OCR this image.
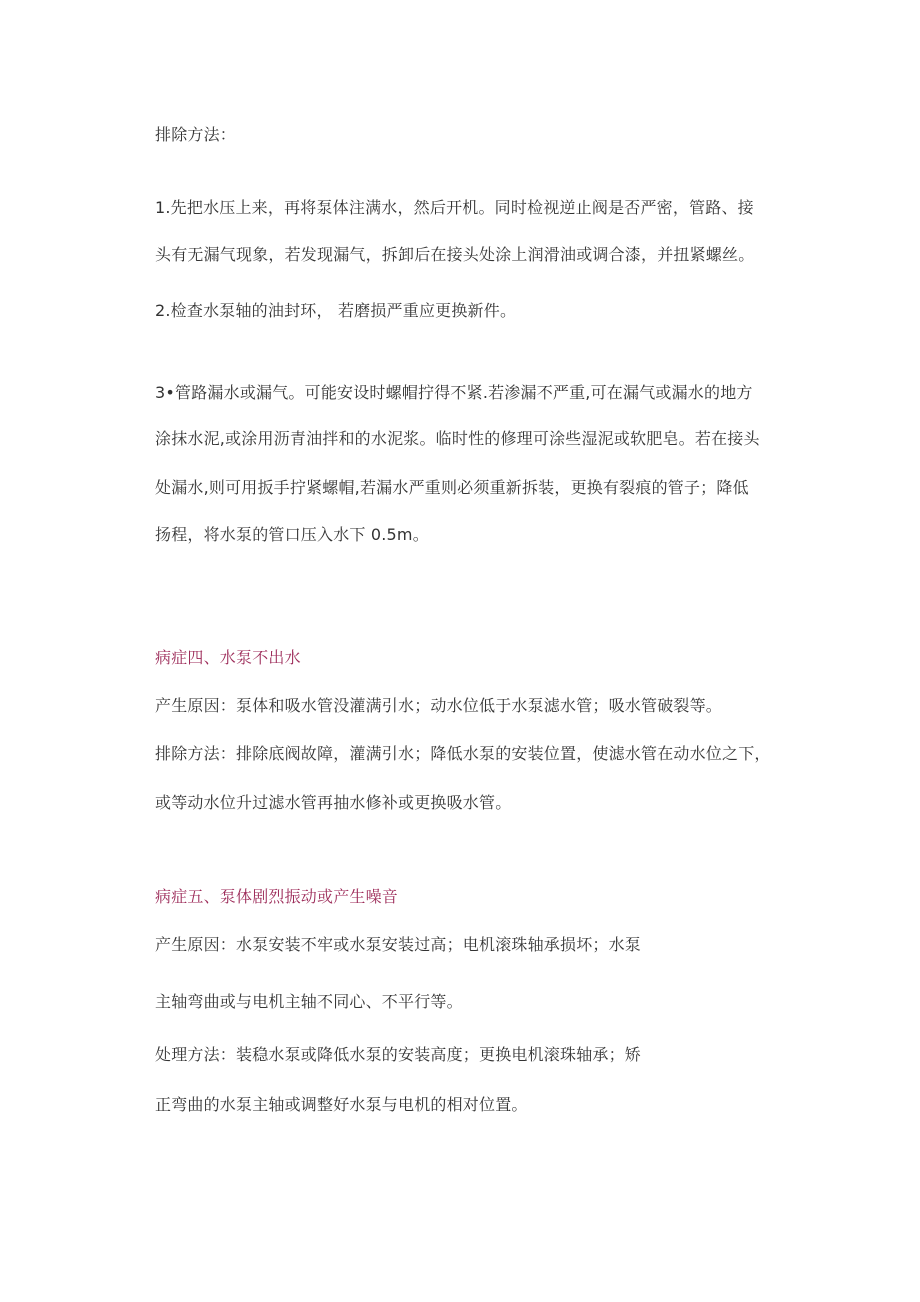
排除方法：
1.先把水压上来，再将泵体注满水，然后开机。同时检视逆止阀是否严密，管路、接
头有无漏气现象，若发现漏气，拆卸后在接头处涂上润滑油或调合漆，并扭紧螺丝。
2.检查水泵轴的油封环， 若磨损严重应更换新件。
3•管路漏水或漏气。可能安设时螺帽拧得不紧.若渗漏不严重,可在漏气或漏水的地方
涂抹水泥,或涂用沥青油拌和的水泥浆。临时性的修理可涂些湿泥或软肥皂。若在接头
处漏水,则可用扳手拧紧螺帽,若漏水严重则必须重新拆装，更换有裂痕的管子；降低
扬程，将水泵的管口压入水下 0.5m。
病症四、水泵不出水
产生原因：泵体和吸水管没灌满引水；动水位低于水泵滤水管；吸水管破裂等。
排除方法：排除底阀故障，灌满引水；降低水泵的安装位置，使滤水管在动水位之下，
或等动水位升过滤水管再抽水修补或更换吸水管。
病症五、泵体剧烈振动或产生噪音
产生原因：水泵安装不牢或水泵安装过高；电机滚珠轴承损坏；水泵
主轴弯曲或与电机主轴不同心、不平行等。
处理方法：装稳水泵或降低水泵的安装高度；更换电机滚珠轴承；矫
正弯曲的水泵主轴或调整好水泵与电机的相对位置。
